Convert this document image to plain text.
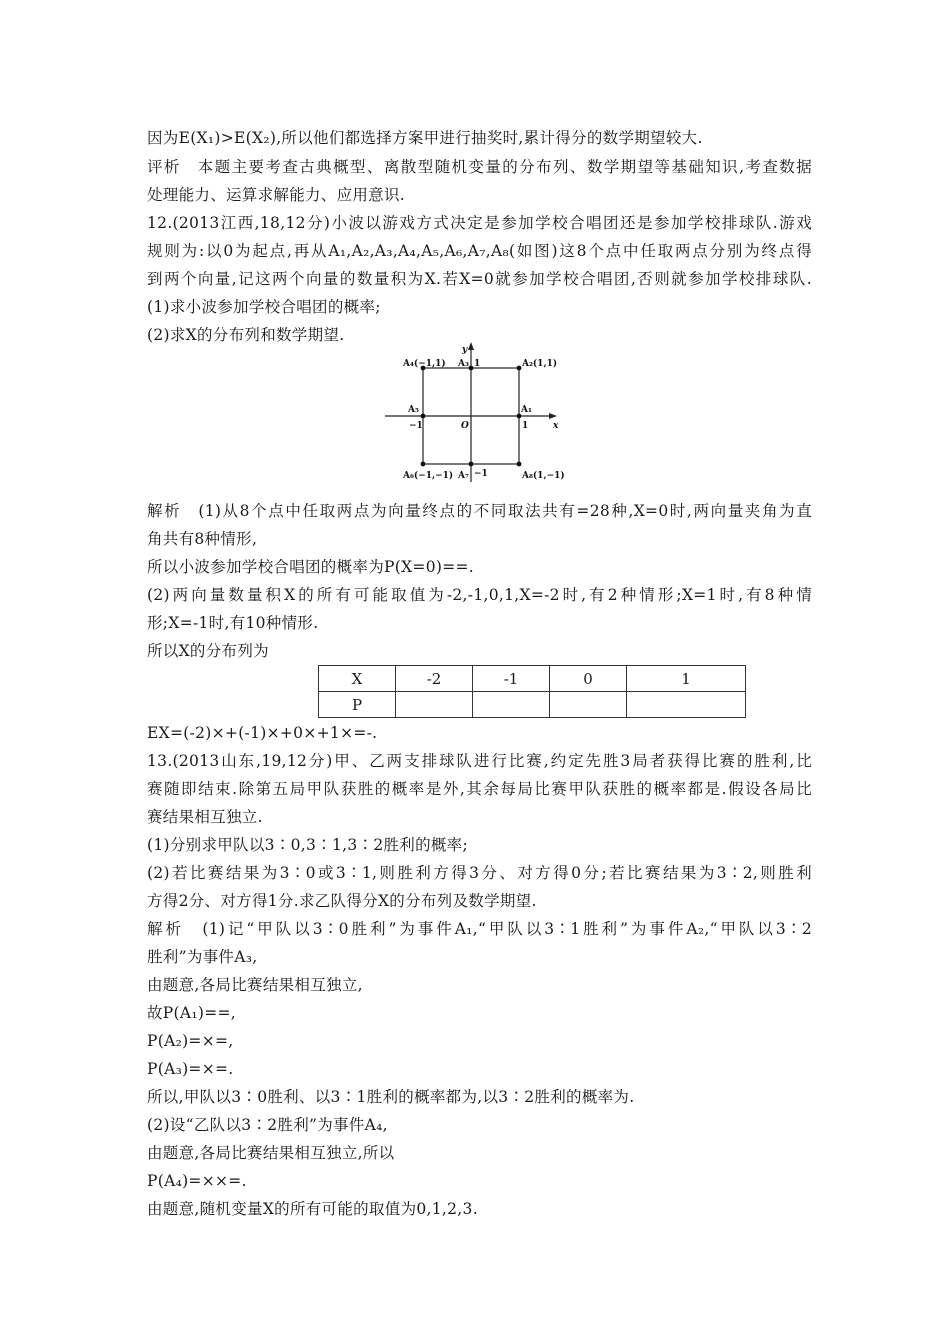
因为E(X₁)>E(X₂),所以他们都选择方案甲进行抽奖时,累计得分的数学期望较大.
评析　本题主要考查古典概型、离散型随机变量的分布列、数学期望等基础知识,考查数据
处理能力、运算求解能力、应用意识.
12.(2013江西,18,12分)小波以游戏方式决定是参加学校合唱团还是参加学校排球队.游戏
规则为:以0为起点,再从A₁,A₂,A₃,A₄,A₅,A₆,A₇,A₈(如图)这8个点中任取两点分别为终点得
到两个向量,记这两个向量的数量积为X.若X=0就参加学校合唱团,否则就参加学校排球队.
(1)求小波参加学校合唱团的概率;
(2)求X的分布列和数学期望.
A₄(−1,1) A₃ 1	A₂(1,1)
A₅	A₁
−1	O	1	x
y
A₆(−1,−1) A₇ −1	A₈(1,−1)
解析　(1)从8个点中任取两点为向量终点的不同取法共有=28种,X=0时,两向量夹角为直
角共有8种情形,
所以小波参加学校合唱团的概率为P(X=0)==.
(2)两向量数量积X的所有可能取值为-2,-1,0,1,X=-2时,有2种情形;X=1时,有8种情
形;X=-1时,有10种情形.
所以X的分布列为
X	-2	-1	0	1
P				
EX=(-2)×+(-1)×+0×+1×=-.
13.(2013山东,19,12分)甲、乙两支排球队进行比赛,约定先胜3局者获得比赛的胜利,比
赛随即结束.除第五局甲队获胜的概率是外,其余每局比赛甲队获胜的概率都是.假设各局比
赛结果相互独立.
(1)分别求甲队以3∶0,3∶1,3∶2胜利的概率;
(2)若比赛结果为3∶0或3∶1,则胜利方得3分、对方得0分;若比赛结果为3∶2,则胜利
方得2分、对方得1分.求乙队得分X的分布列及数学期望.
解析　(1)记“甲队以3∶0胜利”为事件A₁,“甲队以3∶1胜利”为事件A₂,“甲队以3∶2
胜利”为事件A₃,
由题意,各局比赛结果相互独立,
故P(A₁)==,
P(A₂)=×=,
P(A₃)=×=.
所以,甲队以3∶0胜利、以3∶1胜利的概率都为,以3∶2胜利的概率为.
(2)设“乙队以3∶2胜利”为事件A₄,
由题意,各局比赛结果相互独立,所以
P(A₄)=××=.
由题意,随机变量X的所有可能的取值为0,1,2,3.
